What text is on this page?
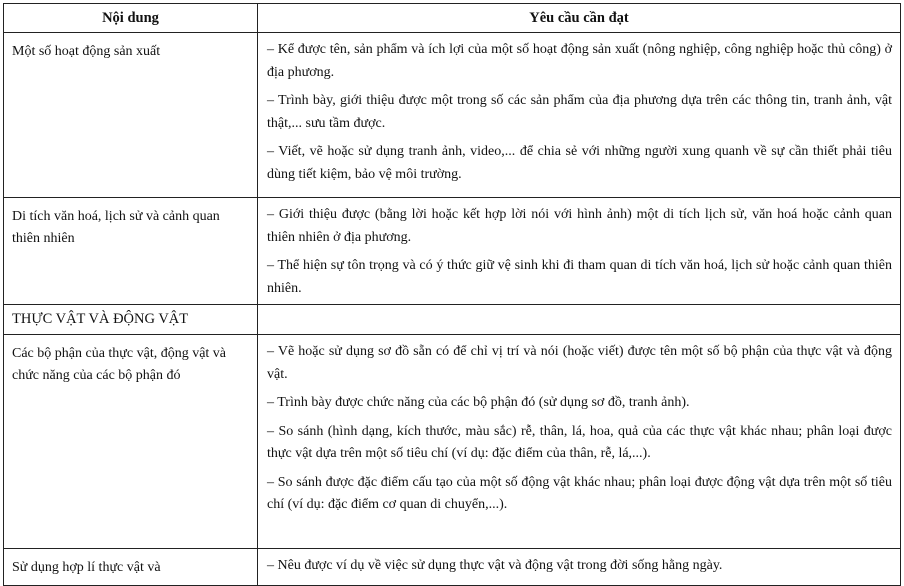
Nội dung	Yêu cầu cần đạt
Một số hoạt động sản xuất	– Kể được tên, sản phẩm và ích lợi của một số hoạt động sản xuất (nông nghiệp, công nghiệp hoặc thủ công) ở địa phương.
– Trình bày, giới thiệu được một trong số các sản phẩm của địa phương dựa trên các thông tin, tranh ảnh, vật thật,... sưu tầm được.
– Viết, vẽ hoặc sử dụng tranh ảnh, video,... để chia sẻ với những người xung quanh về sự cần thiết phải tiêu dùng tiết kiệm, bảo vệ môi trường.

Di tích văn hoá, lịch sử và cảnh quan thiên nhiên	– Giới thiệu được (bằng lời hoặc kết hợp lời nói với hình ảnh) một di tích lịch sử, văn hoá hoặc cảnh quan thiên nhiên ở địa phương.
– Thể hiện sự tôn trọng và có ý thức giữ vệ sinh khi đi tham quan di tích văn hoá, lịch sử hoặc cảnh quan thiên nhiên.

THỰC VẬT VÀ ĐỘNG VẬT	
Các bộ phận của thực vật, động vật và chức năng của các bộ phận đó	– Vẽ hoặc sử dụng sơ đồ sẵn có để chỉ vị trí và nói (hoặc viết) được tên một số bộ phận của thực vật và động vật.
– Trình bày được chức năng của các bộ phận đó (sử dụng sơ đồ, tranh ảnh).
– So sánh (hình dạng, kích thước, màu sắc) rễ, thân, lá, hoa, quả của các thực vật khác nhau; phân loại được thực vật dựa trên một số tiêu chí (ví dụ: đặc điểm của thân, rễ, lá,...).
– So sánh được đặc điểm cấu tạo của một số động vật khác nhau; phân loại được động vật dựa trên một số tiêu chí (ví dụ: đặc điểm cơ quan di chuyển,...).

Sử dụng hợp lí thực vật và	– Nêu được ví dụ về việc sử dụng thực vật và động vật trong đời sống hằng ngày.
